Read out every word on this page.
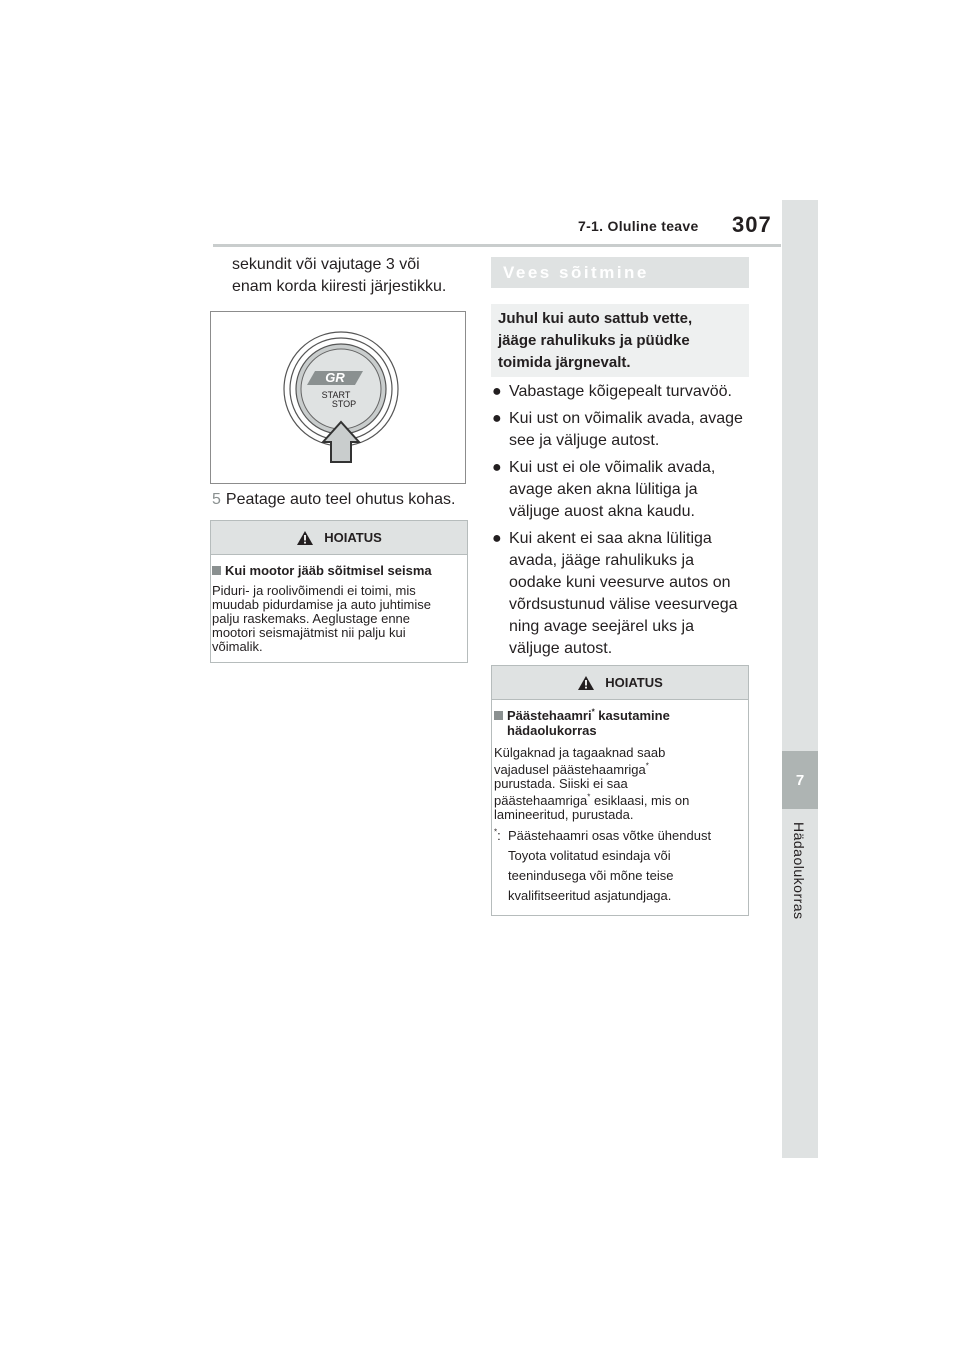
7-1. Oluline teave 307
7
Hädaolukorras
sekundit või vajutage 3 või
enam korda kiiresti järjestikku.
GR
START
STOP
5 Peatage auto teel ohutus kohas.
HOIATUS
Kui mootor jääb sõitmisel seisma
Piduri- ja roolivõimendi ei toimi, mis
muudab pidurdamise ja auto juhtimise
palju raskemaks. Aeglustage enne
mootori seismajätmist nii palju kui
võimalik.
Vees sõitmine
Juhul kui auto sattub vette,
jääge rahulikuks ja püüdke
toimida järgnevalt.
● Vabastage kõigepealt turvavöö.
● Kui ust on võimalik avada, avage
see ja väljuge autost.
● Kui ust ei ole võimalik avada,
avage aken akna lülitiga ja
väljuge auost akna kaudu.
● Kui akent ei saa akna lülitiga
avada, jääge rahulikuks ja
oodake kuni veesurve autos on
võrdsustunud välise veesurvega
ning avage seejärel uks ja
väljuge autost.
HOIATUS
Päästehaamri* kasutamine
hädaolukorras
Külgaknad ja tagaaknad saab
vajadusel päästehaamriga*
purustada. Siiski ei saa
päästehaamriga* esiklaasi, mis on
lamineeritud, purustada.
*: Päästehaamri osas võtke ühendust
Toyota volitatud esindaja või
teenindusega või mõne teise
kvalifitseeritud asjatundjaga.
